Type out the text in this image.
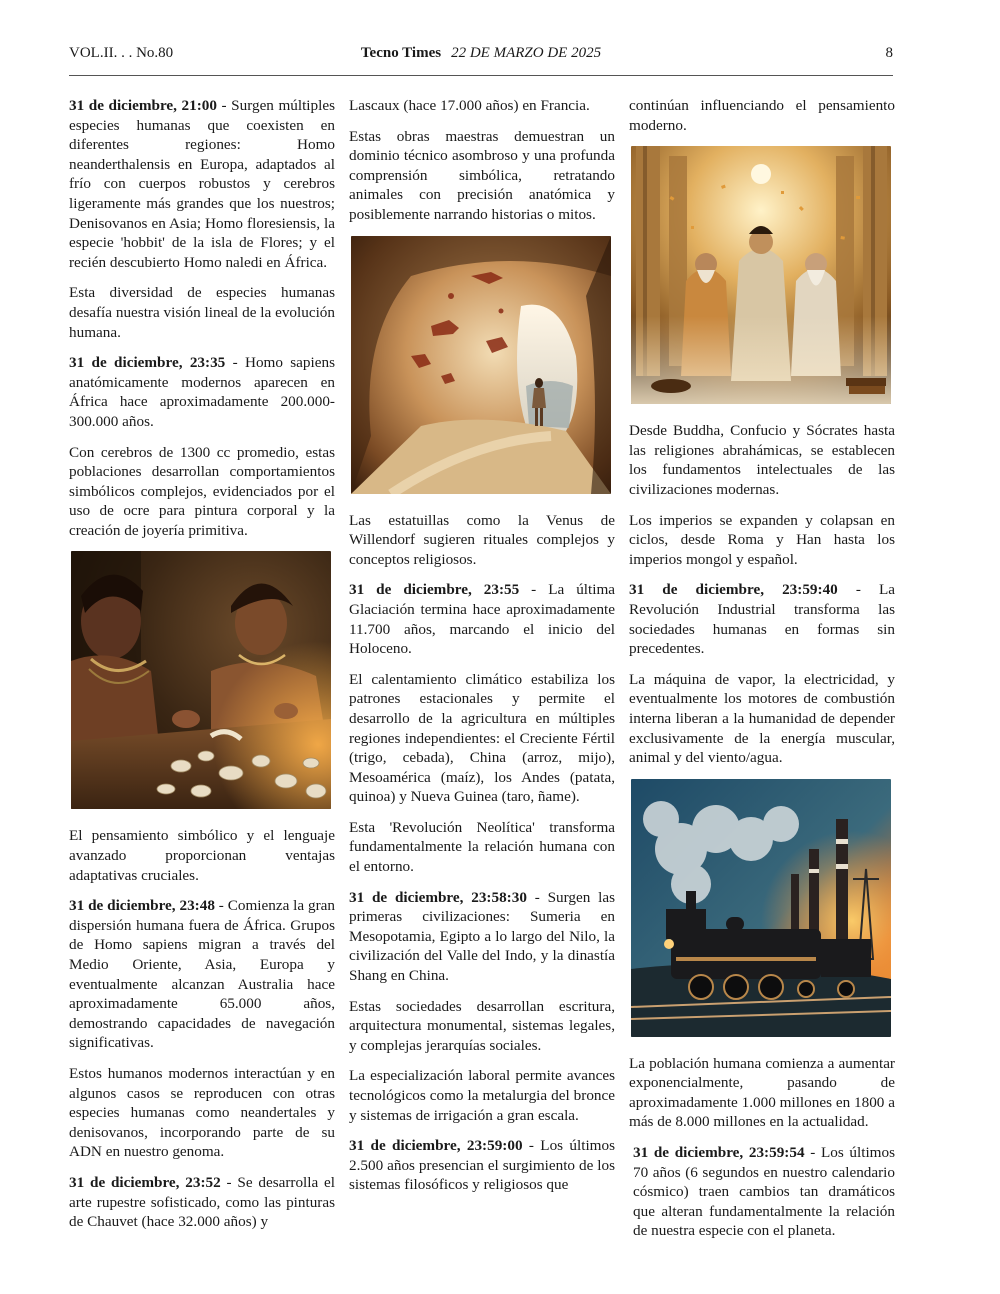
VOL.II. . . No.80	Tecno Times 22 DE MARZO DE 2025	8

31 de diciembre, 21:00 - Surgen múltiples especies humanas que coexisten en diferentes regiones: Homo neanderthalensis en Europa, adaptados al frío con cuerpos robustos y cerebros ligeramente más grandes que los nuestros; Denisovanos en Asia; Homo floresiensis, la especie 'hobbit' de la isla de Flores; y el recién descubierto Homo naledi en África.

Esta diversidad de especies humanas desafía nuestra visión lineal de la evolución humana.

31 de diciembre, 23:35 - Homo sapiens anatómicamente modernos aparecen en África hace aproximadamente 200.000-300.000 años.

Con cerebros de 1300 cc promedio, estas poblaciones desarrollan comportamientos simbólicos complejos, evidenciados por el uso de ocre para pintura corporal y la creación de joyería primitiva.

El pensamiento simbólico y el lenguaje avanzado proporcionan ventajas adaptativas cruciales.

31 de diciembre, 23:48 - Comienza la gran dispersión humana fuera de África. Grupos de Homo sapiens migran a través del Medio Oriente, Asia, Europa y eventualmente alcanzan Australia hace aproximadamente 65.000 años, demostrando capacidades de navegación significativas.

Estos humanos modernos interactúan y en algunos casos se reproducen con otras especies humanas como neandertales y denisovanos, incorporando parte de su ADN en nuestro genoma.

31 de diciembre, 23:52 - Se desarrolla el arte rupestre sofisticado, como las pinturas de Chauvet (hace 32.000 años) y

Lascaux (hace 17.000 años) en Francia.

Estas obras maestras demuestran un dominio técnico asombroso y una profunda comprensión simbólica, retratando animales con precisión anatómica y posiblemente narrando historias o mitos.

Las estatuillas como la Venus de Willendorf sugieren rituales complejos y conceptos religiosos.

31 de diciembre, 23:55 - La última Glaciación termina hace aproximadamente 11.700 años, marcando el inicio del Holoceno.

El calentamiento climático estabiliza los patrones estacionales y permite el desarrollo de la agricultura en múltiples regiones independientes: el Creciente Fértil (trigo, cebada), China (arroz, mijo), Mesoamérica (maíz), los Andes (patata, quinoa) y Nueva Guinea (taro, ñame).

Esta 'Revolución Neolítica' transforma fundamentalmente la relación humana con el entorno.

31 de diciembre, 23:58:30 - Surgen las primeras civilizaciones: Sumeria en Mesopotamia, Egipto a lo largo del Nilo, la civilización del Valle del Indo, y la dinastía Shang en China.

Estas sociedades desarrollan escritura, arquitectura monumental, sistemas legales, y complejas jerarquías sociales.

La especialización laboral permite avances tecnológicos como la metalurgia del bronce y sistemas de irrigación a gran escala.

31 de diciembre, 23:59:00 - Los últimos 2.500 años presencian el surgimiento de los sistemas filosóficos y religiosos que

continúan influenciando el pensamiento moderno.

Desde Buddha, Confucio y Sócrates hasta las religiones abrahámicas, se establecen los fundamentos intelectuales de las civilizaciones modernas.

Los imperios se expanden y colapsan en ciclos, desde Roma y Han hasta los imperios mongol y español.

31 de diciembre, 23:59:40 - La Revolución Industrial transforma las sociedades humanas en formas sin precedentes.

La máquina de vapor, la electricidad, y eventualmente los motores de combustión interna liberan a la humanidad de depender exclusivamente de la energía muscular, animal y del viento/agua.

La población humana comienza a aumentar exponencialmente, pasando de aproximadamente 1.000 millones en 1800 a más de 8.000 millones en la actualidad.

31 de diciembre, 23:59:54 - Los últimos 70 años (6 segundos en nuestro calendario cósmico) traen cambios tan dramáticos que alteran fundamentalmente la relación de nuestra especie con el planeta.
